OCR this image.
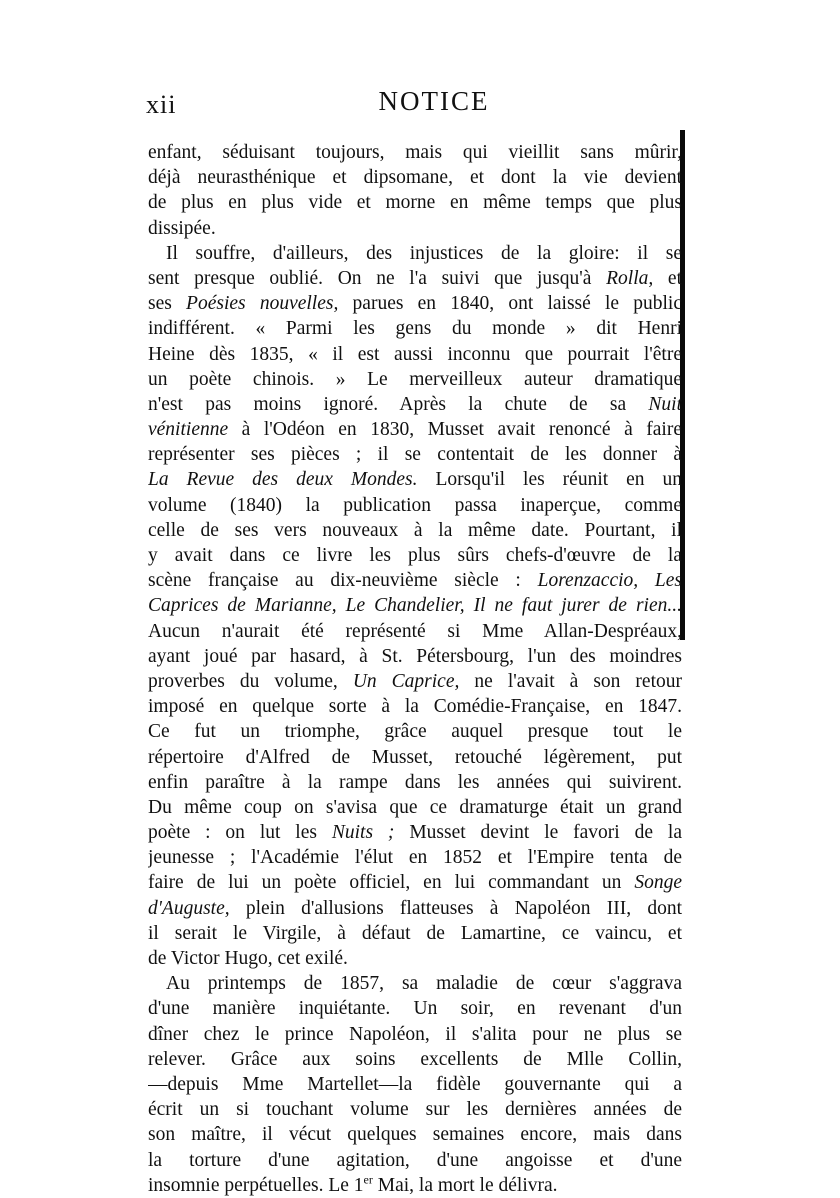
xii	NOTICE
enfant, séduisant toujours, mais qui vieillit sans mûrir,
déjà neurasthénique et dipsomane, et dont la vie devient
de plus en plus vide et morne en même temps que plus
dissipée.
Il souffre, d'ailleurs, des injustices de la gloire: il se
sent presque oublié. On ne l'a suivi que jusqu'à Rolla, et
ses Poésies nouvelles, parues en 1840, ont laissé le public
indifférent. « Parmi les gens du monde » dit Henri
Heine dès 1835, « il est aussi inconnu que pourrait l'être
un poète chinois. » Le merveilleux auteur dramatique
n'est pas moins ignoré. Après la chute de sa Nuit
vénitienne à l'Odéon en 1830, Musset avait renoncé à faire
représenter ses pièces ; il se contentait de les donner à
La Revue des deux Mondes. Lorsqu'il les réunit en un
volume (1840) la publication passa inaperçue, comme
celle de ses vers nouveaux à la même date. Pourtant, il
y avait dans ce livre les plus sûrs chefs-d'œuvre de la
scène française au dix-neuvième siècle : Lorenzaccio, Les
Caprices de Marianne, Le Chandelier, Il ne faut jurer de rien...
Aucun n'aurait été représenté si Mme Allan-Despréaux,
ayant joué par hasard, à St. Pétersbourg, l'un des moindres
proverbes du volume, Un Caprice, ne l'avait à son retour
imposé en quelque sorte à la Comédie-Française, en 1847.
Ce fut un triomphe, grâce auquel presque tout le
répertoire d'Alfred de Musset, retouché légèrement, put
enfin paraître à la rampe dans les années qui suivirent.
Du même coup on s'avisa que ce dramaturge était un grand
poète : on lut les Nuits ; Musset devint le favori de la
jeunesse ; l'Académie l'élut en 1852 et l'Empire tenta de
faire de lui un poète officiel, en lui commandant un Songe
d'Auguste, plein d'allusions flatteuses à Napoléon III, dont
il serait le Virgile, à défaut de Lamartine, ce vaincu, et
de Victor Hugo, cet exilé.
Au printemps de 1857, sa maladie de cœur s'aggrava
d'une manière inquiétante. Un soir, en revenant d'un
dîner chez le prince Napoléon, il s'alita pour ne plus se
relever. Grâce aux soins excellents de Mlle Collin,
—depuis Mme Martellet—la fidèle gouvernante qui a
écrit un si touchant volume sur les dernières années de
son maître, il vécut quelques semaines encore, mais dans
la torture d'une agitation, d'une angoisse et d'une
insomnie perpétuelles. Le 1er Mai, la mort le délivra.
